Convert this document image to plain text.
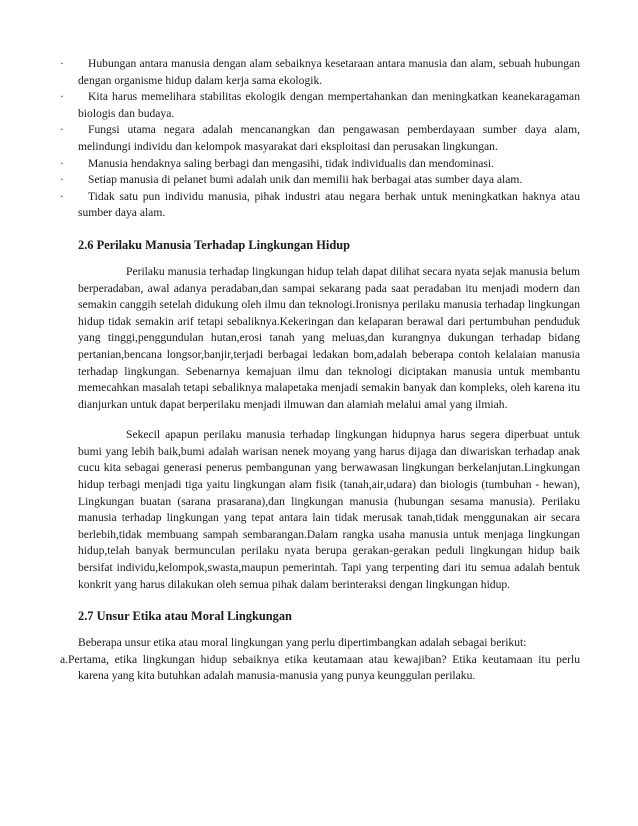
·	Hubungan antara manusia dengan alam sebaiknya kesetaraan antara manusia dan alam, sebuah hubungan dengan organisme hidup dalam kerja sama ekologik.
·	Kita harus memelihara stabilitas ekologik dengan mempertahankan dan meningkatkan keanekaragaman biologis dan budaya.
·	Fungsi utama negara adalah mencanangkan dan pengawasan pemberdayaan sumber daya alam, melindungi individu dan kelompok masyarakat dari eksploitasi dan perusakan lingkungan.
·	Manusia hendaknya saling berbagi dan mengasihi, tidak individualis dan mendominasi.
·	Setiap manusia di pelanet bumi adalah unik dan memilii hak berbagai atas sumber daya alam.
·	Tidak satu pun individu manusia, pihak industri atau negara berhak untuk meningkatkan haknya atau sumber daya alam.
2.6 Perilaku Manusia Terhadap Lingkungan Hidup

Perilaku manusia terhadap lingkungan hidup telah dapat dilihat secara nyata sejak manusia belum berperadaban, awal adanya peradaban,dan sampai sekarang pada saat peradaban itu menjadi modern dan semakin canggih setelah didukung oleh ilmu dan teknologi.Ironisnya perilaku manusia terhadap lingkungan hidup tidak semakin arif tetapi sebaliknya.Kekeringan dan kelaparan berawal dari pertumbuhan penduduk yang tinggi,penggundulan hutan,erosi tanah yang meluas,dan kurangnya dukungan terhadap bidang pertanian,bencana longsor,banjir,terjadi berbagai ledakan bom,adalah beberapa contoh kelalaian manusia terhadap lingkungan. Sebenarnya kemajuan ilmu dan teknologi diciptakan manusia untuk membantu memecahkan masalah tetapi sebaliknya malapetaka menjadi semakin banyak dan kompleks, oleh karena itu dianjurkan untuk dapat berperilaku menjadi ilmuwan dan alamiah melalui amal yang ilmiah.

Sekecil apapun perilaku manusia terhadap lingkungan hidupnya harus segera diperbuat untuk bumi yang lebih baik,bumi adalah warisan nenek moyang yang harus dijaga dan diwariskan terhadap anak cucu kita sebagai generasi penerus pembangunan yang berwawasan lingkungan berkelanjutan.Lingkungan hidup terbagi menjadi tiga yaitu lingkungan alam fisik (tanah,air,udara) dan biologis (tumbuhan - hewan), Lingkungan buatan (sarana prasarana),dan lingkungan manusia (hubungan sesama manusia). Perilaku manusia terhadap lingkungan yang tepat antara lain tidak merusak tanah,tidak menggunakan air secara berlebih,tidak membuang sampah sembarangan.Dalam rangka usaha manusia untuk menjaga lingkungan hidup,telah banyak bermunculan perilaku nyata berupa gerakan-gerakan peduli lingkungan hidup baik bersifat individu,kelompok,swasta,maupun pemerintah. Tapi yang terpenting dari itu semua adalah bentuk konkrit yang harus dilakukan oleh semua pihak dalam berinteraksi dengan lingkungan hidup.

2.7 Unsur Etika atau Moral Lingkungan

Beberapa unsur etika atau moral lingkungan yang perlu dipertimbangkan adalah sebagai berikut:

a.Pertama, etika lingkungan hidup sebaiknya etika keutamaan atau kewajiban? Etika keutamaan itu perlu karena yang kita butuhkan adalah manusia-manusia yang punya keunggulan perilaku.
